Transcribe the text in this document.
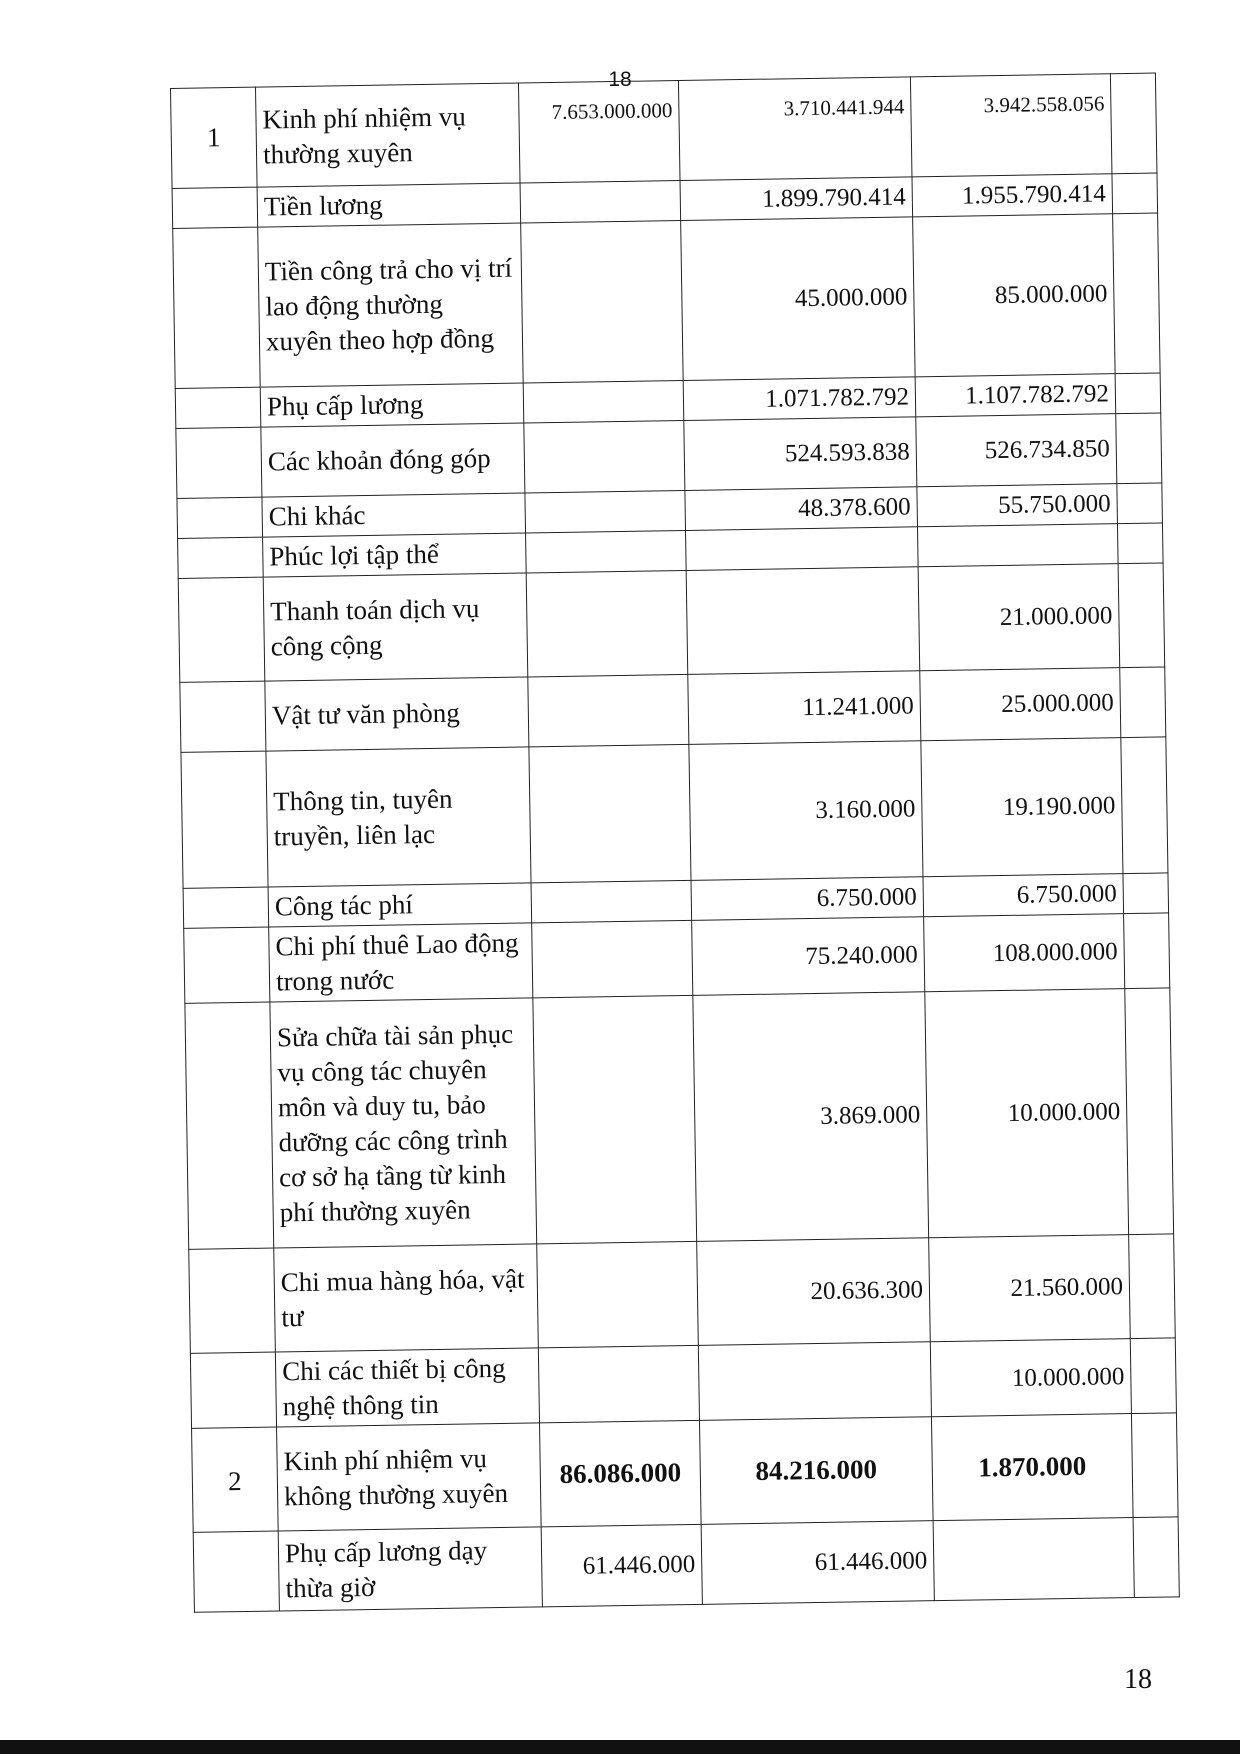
18
1	Kinh phí nhiệm vụ thường xuyên	7.653.000.000	3.710.441.944	3.942.558.056	
	Tiền lương		1.899.790.414	1.955.790.414	
	Tiền công trả cho vị trí lao động thường xuyên theo hợp đồng		45.000.000	85.000.000	
	Phụ cấp lương		1.071.782.792	1.107.782.792	
	Các khoản đóng góp		524.593.838	526.734.850	
	Chi khác		48.378.600	55.750.000	
	Phúc lợi tập thể				
	Thanh toán dịch vụ công cộng			21.000.000	
	Vật tư văn phòng		11.241.000	25.000.000	
	Thông tin, tuyên truyền, liên lạc		3.160.000	19.190.000	
	Công tác phí		6.750.000	6.750.000	
	Chi phí thuê Lao động trong nước		75.240.000	108.000.000	
	Sửa chữa tài sản phục vụ công tác chuyên môn và duy tu, bảo dưỡng các công trình cơ sở hạ tầng từ kinh phí thường xuyên		3.869.000	10.000.000	
	Chi mua hàng hóa, vật tư		20.636.300	21.560.000	
	Chi các thiết bị công nghệ thông tin			10.000.000	
2	Kinh phí nhiệm vụ không thường xuyên	86.086.000	84.216.000	1.870.000	
	Phụ cấp lương dạy thừa giờ	61.446.000	61.446.000		
18
